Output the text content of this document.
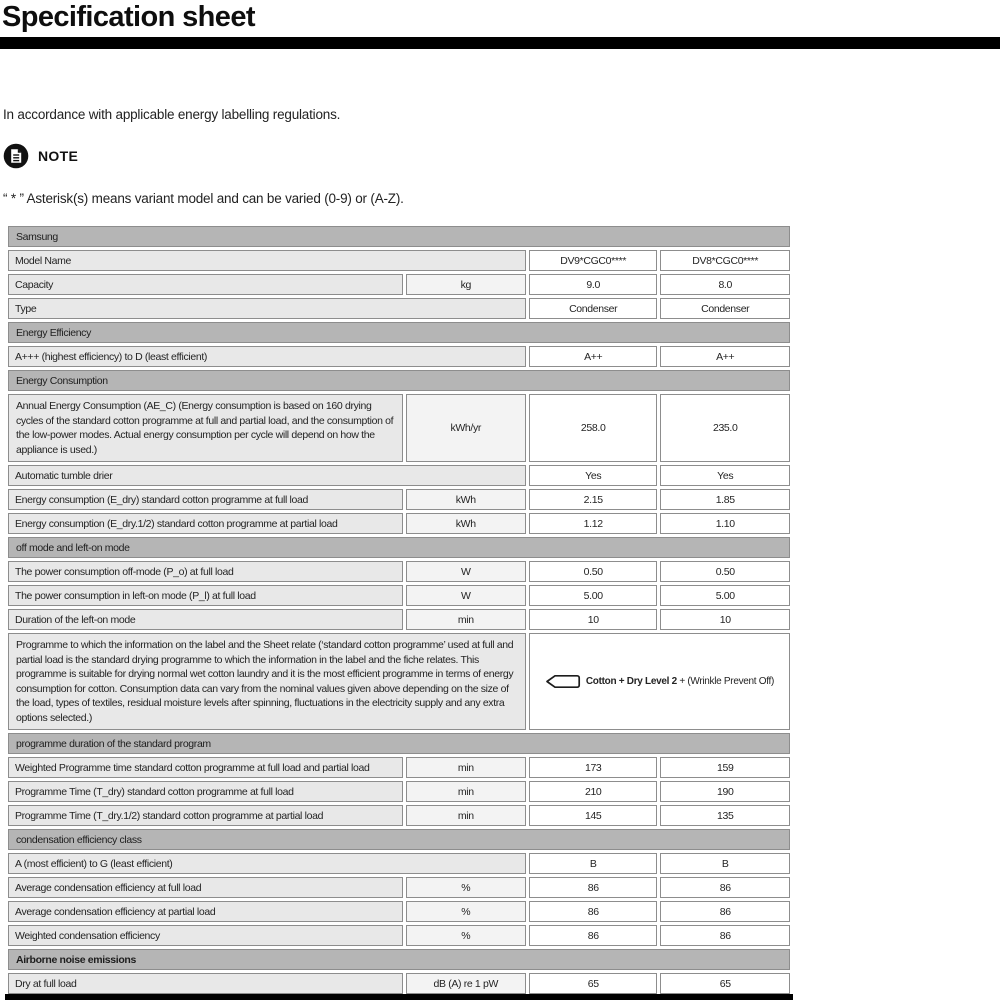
Specification sheet

In accordance with applicable energy labelling regulations.

NOTE

“ * ” Asterisk(s) means variant model and can be varied (0-9) or (A-Z).

Samsung			
Model Name		DV9*CGC0****	DV8*CGC0****
Capacity	kg	9.0	8.0
Type		Condenser	Condenser
Energy Efficiency			
A+++ (highest efficiency) to D (least efficient)		A++	A++
Energy Consumption			
Annual Energy Consumption (AE_C) (Energy consumption is based on 160 drying cycles of the standard cotton programme at full and partial load, and the consumption of the low-power modes. Actual energy consumption per cycle will depend on how the appliance is used.)	kWh/yr	258.0	235.0
Automatic tumble drier		Yes	Yes
Energy consumption (E_dry) standard cotton programme at full load	kWh	2.15	1.85
Energy consumption (E_dry.1/2) standard cotton programme at partial load	kWh	1.12	1.10
off mode and left-on mode			
The power consumption off-mode (P_o) at full load	W	0.50	0.50
The power consumption in left-on mode (P_l) at full load	W	5.00	5.00
Duration of the left-on mode	min	10	10
Programme to which the information on the label and the Sheet relate (‘standard cotton programme’ used at full and partial load is the standard drying programme to which the information in the label and the fiche relates. This programme is suitable for drying normal wet cotton laundry and it is the most efficient programme in terms of energy consumption for cotton. Consumption data can vary from the nominal values given above depending on the size of the load, types of textiles, residual moisture levels after spinning, fluctuations in the electricity supply and any extra options selected.)		Cotton + Dry Level 2 + (Wrinkle Prevent Off)	

programme duration of the standard program			
Weighted Programme time standard cotton programme at full load and partial load	min	173	159
Programme Time (T_dry) standard cotton programme at full load	min	210	190
Programme Time (T_dry.1/2) standard cotton programme at partial load	min	145	135
condensation efficiency class			
A (most efficient) to G (least efficient)		B	B
Average condensation efficiency at full load	%	86	86
Average condensation efficiency at partial load	%	86	86
Weighted condensation efficiency	%	86	86
Airborne noise emissions			
Dry at full load	dB (A) re 1 pW	65	65
